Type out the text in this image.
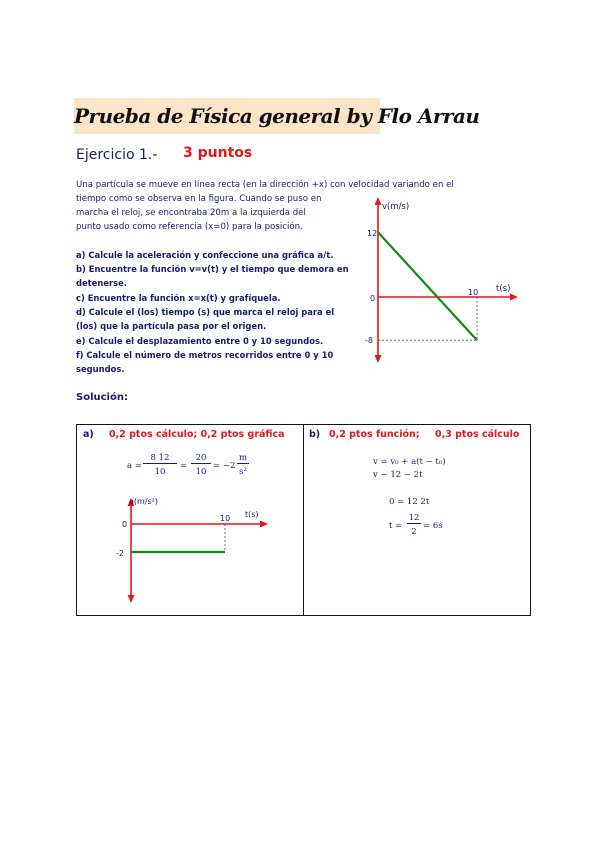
Prueba de Física general by Flo Arrau
Ejercicio 1.- 3 puntos
Una partícula se mueve en línea recta (en la dirección +x) con velocidad variando en el
tiempo como se observa en la figura. Cuando se puso en
marcha el reloj, se encontraba 20m a la izquierda del
punto usado como referencia (x=0) para la posición.
a) Calcule la aceleración y confeccione una gráfica a/t.
b) Encuentre la función v=v(t) y el tiempo que demora en
detenerse.
c) Encuentre la función x=x(t) y grafíquela.
d) Calcule el (los) tiempo (s) que marca el reloj para el
(los) que la partícula pasa por el origen.
e) Calcule el desplazamiento entre 0 y 10 segundos.
f) Calcule el número de metros recorridos entre 0 y 10
segundos.
v(m/s)
t(s)
12
0
-8
10
Solución:
a) 0,2 ptos cálculo; 0,2 ptos gráfica
a =
8 12
10
=
20
10
= −2
m
s²
a(m/s²)
t(s)
0
-2
10
b) 0,2 ptos función; 0,3 ptos cálculo
v = v₀ + a(t − t₀)
v − 12 − 2t
0 = 12 2t
t =
12
2
= 6s
